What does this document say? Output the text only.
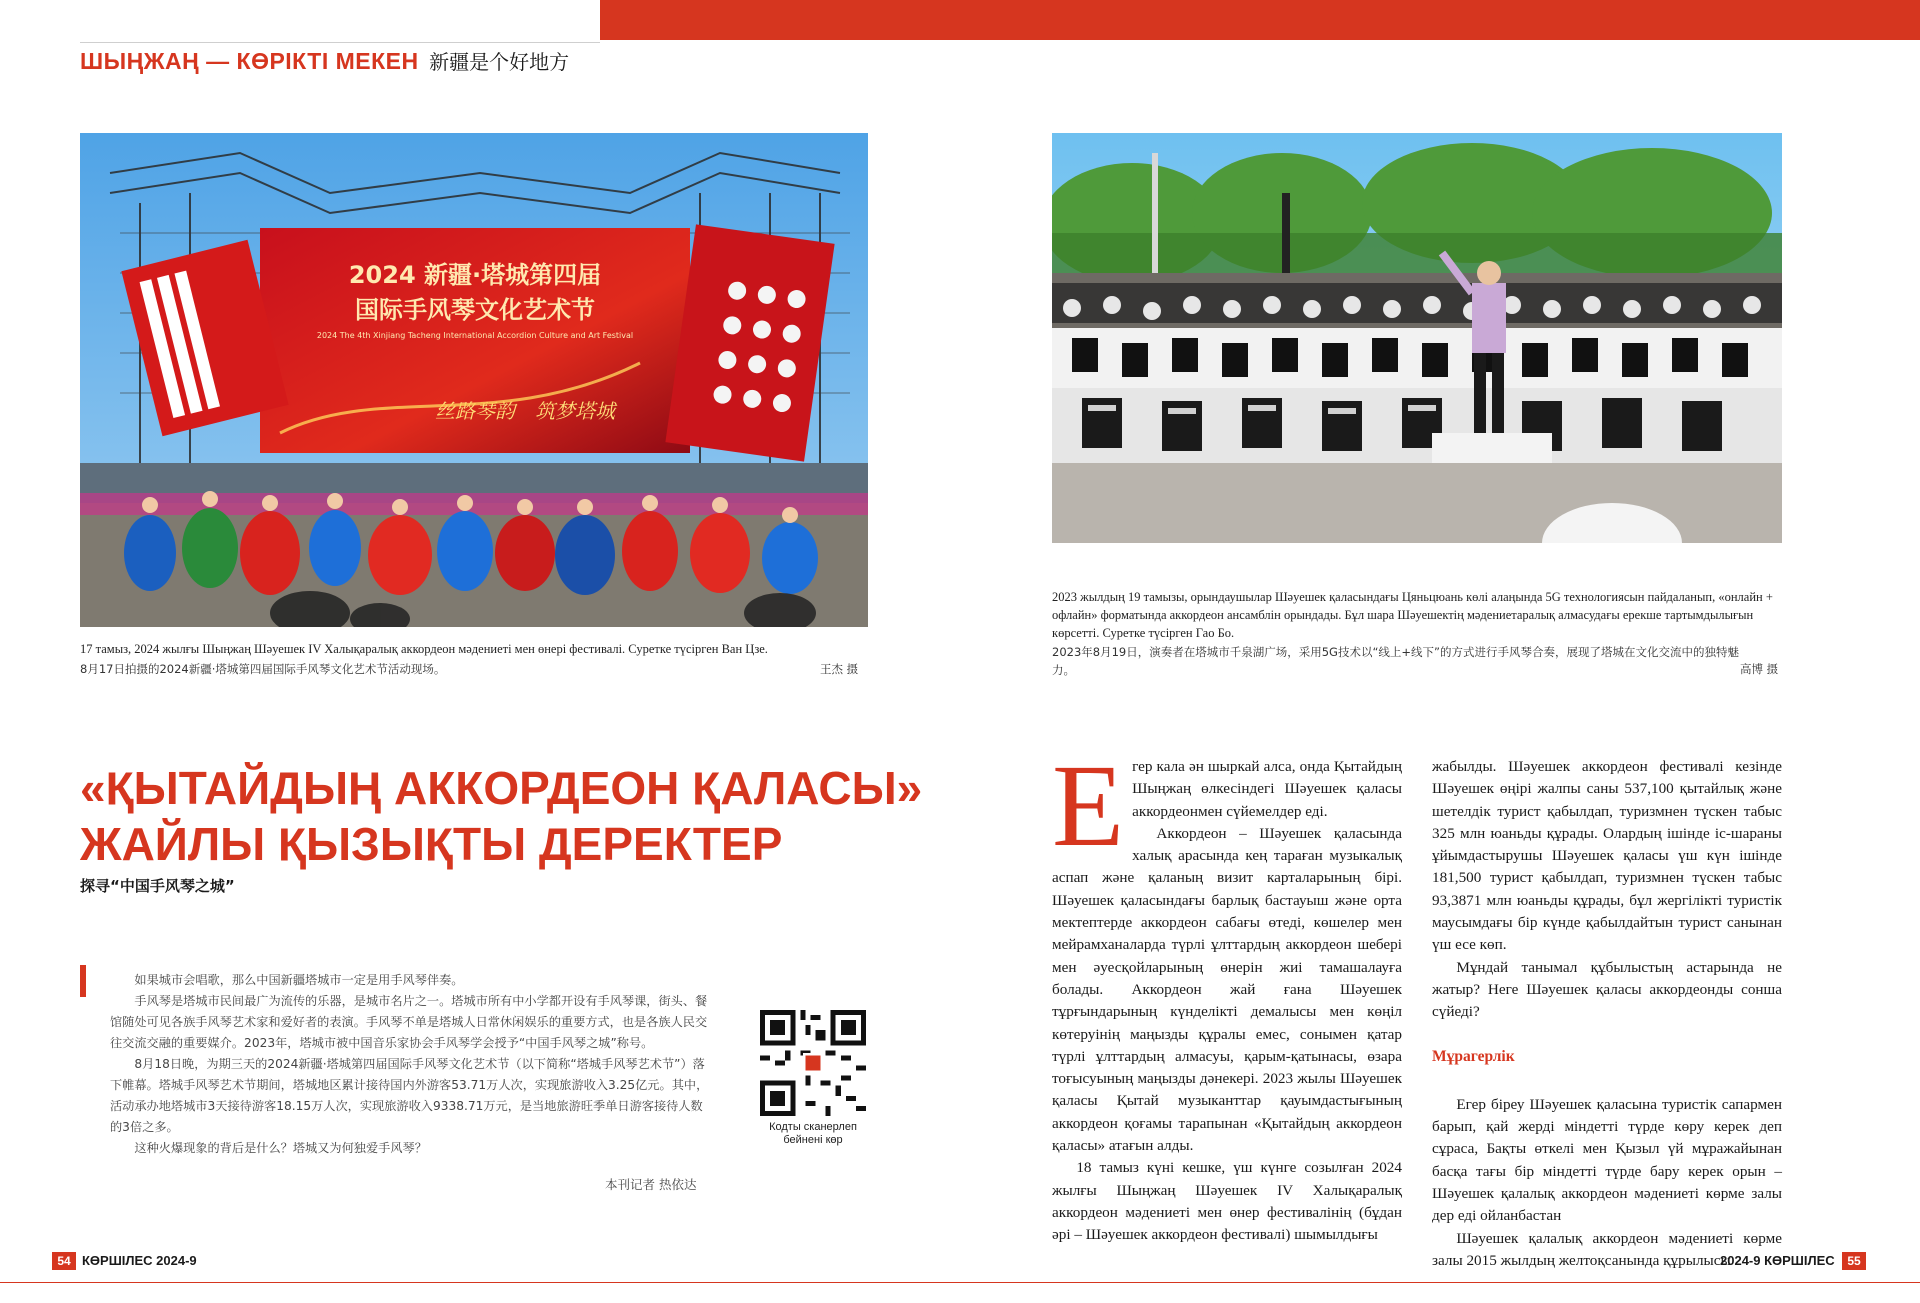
ШЫҢЖАҢ — КӨРІКТІ МЕКЕН 新疆是个好地方
2024 新疆·塔城第四届
国际手风琴文化艺术节
2024 The 4th Xinjiang Tacheng International Accordion Culture and Art Festival
丝路琴韵　筑梦塔城
17 тамыз, 2024 жылғы Шыңжаң Шәуешек IV Халықаралық аккордеон мәдениеті мен өнері фестивалі. Суретке түсірген Ван Цзе.
8月17日拍摄的2024新疆·塔城第四届国际手风琴文化艺术节活动现场。	王杰 摄
2023 жылдың 19 тамызы, орындаушылар Шәуешек қаласындағы Цяньцюань көлі алаңында 5G технологиясын пайдаланып, «онлайн + офлайн» форматында аккордеон ансамблін орындады. Бұл шара Шәуешектің мәдениетаралық алмасудағы ерекше тартымдылығын көрсетті. Суретке түсірген Гао Бо.
2023年8月19日，演奏者在塔城市千泉湖广场，采用5G技术以“线上+线下”的方式进行手风琴合奏，展现了塔城在文化交流中的独特魅力。	高博 摄
«ҚЫТАЙДЫҢ АККОРДЕОН ҚАЛАСЫ»
ЖАЙЛЫ ҚЫЗЫҚТЫ ДЕРЕКТЕР
探寻“中国手风琴之城”

如果城市会唱歌，那么中国新疆塔城市一定是用手风琴伴奏。

手风琴是塔城市民间最广为流传的乐器，是城市名片之一。塔城市所有中小学都开设有手风琴课，街头、餐馆随处可见各族手风琴艺术家和爱好者的表演。手风琴不单是塔城人日常休闲娱乐的重要方式，也是各族人民交往交流交融的重要媒介。2023年，塔城市被中国音乐家协会手风琴学会授予“中国手风琴之城”称号。

8月18日晚，为期三天的2024新疆·塔城第四届国际手风琴文化艺术节（以下简称“塔城手风琴艺术节”）落下帷幕。塔城手风琴艺术节期间，塔城地区累计接待国内外游客53.71万人次，实现旅游收入3.25亿元。其中，活动承办地塔城市3天接待游客18.15万人次，实现旅游收入9338.71万元，是当地旅游旺季单日游客接待人数的3倍之多。

这种火爆现象的背后是什么？塔城又为何独爱手风琴？

本刊记者 热依达
Кодты сканерлеп
бейнені көр

Егер кала ән шыркай алса, онда Қытайдың Шыңжаң өлкесіндегі Шәуешек қаласы аккордеонмен сүйемелдер еді.

Аккордеон – Шәуешек қаласында халық арасында кең тараған музыкалық аспап және қаланың визит карталарының бірі. Шәуешек қаласындағы барлық бастауыш және орта мектептерде аккордеон сабағы өтеді, көшелер мен мейрамханаларда түрлі ұлттардың аккордеон шебері мен әуесқойларының өнерін жиі тамашалауға болады. Аккордеон жай ғана Шәуешек тұрғындарының күнделікті демалысы мен көңіл көтеруінің маңызды құралы емес, сонымен қатар түрлі ұлттардың алмасуы, қарым-қатынасы, өзара тоғысуының маңызды дәнекері. 2023 жылы Шәуешек қаласы Қытай музыканттар қауымдастығының аккордеон қоғамы тарапынан «Қытайдың аккордеон қаласы» атағын алды.

18 тамыз күні кешке, үш күнге созылған 2024 жылғы Шыңжаң Шәуешек IV Халықаралық аккордеон мәдениеті мен өнер фестивалінің (бұдан әрі – Шәуешек аккордеон фестивалі) шымылдығы

жабылды. Шәуешек аккордеон фестивалі кезінде Шәуешек өңірі жалпы саны 537,100 қытайлық және шетелдік турист қабылдап, туризмнен түскен табыс 325 млн юаньды құрады. Олардың ішінде іс-шараны ұйымдастырушы Шәуешек қаласы үш күн ішінде 181,500 турист қабылдап, туризмнен түскен табыс 93,3871 млн юаньды құрады, бұл жергілікті туристік маусымдағы бір күнде қабылдайтын турист санынан үш есе көп.

Мұндай танымал құбылыстың астарында не жатыр? Неге Шәуешек қаласы аккордеонды соншa сүйеді?

Мұрагерлік

Егер біреу Шәуешек қаласына туристік сапармен барып, қай жерді міндетті түрде көру керек деп сұраса, Бақты өткелі мен Қызыл үй мұражайынан басқа тағы бір міндетті түрде бару керек орын – Шәуешек қалалық аккордеон мәдениеті көрме залы дер еді ойланбастан

Шәуешек қалалық аккордеон мәдениеті көрме залы 2015 жылдың желтоқсанында құрылысы

54 КӨРШІЛЕС 2024-9	2024-9 КӨРШІЛЕС	55
